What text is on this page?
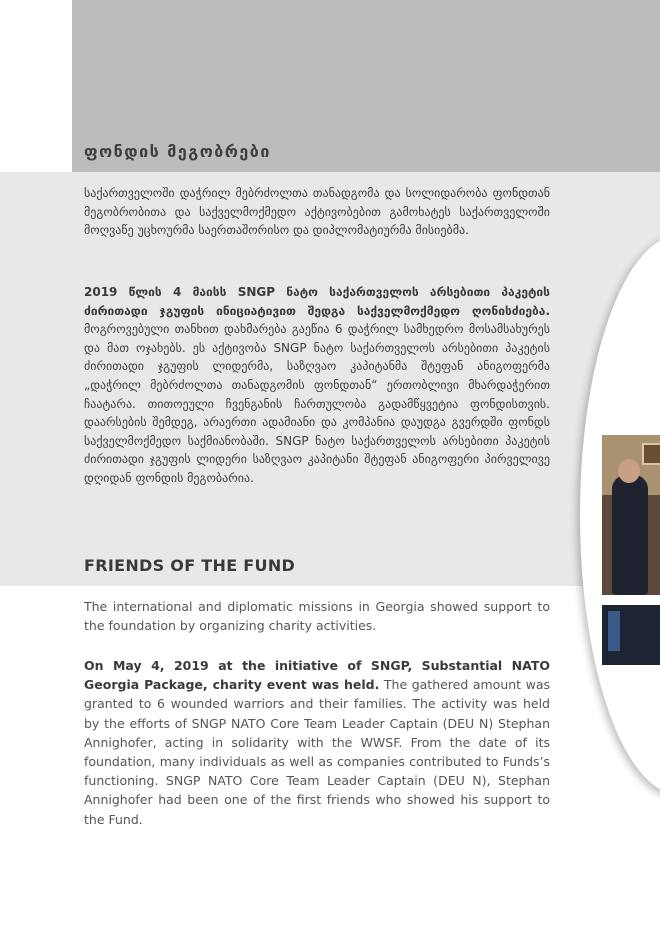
ფონდის მეგობრები

საქართველოში დაჭრილ მებრძოლთა თანადგომა და სოლიდარობა ფონდთან მეგობრობითა და საქველმოქმედო აქტივობებით გამოხატეს საქართველოში მოღვაწე უცხოურმა საერთაშორისო და დიპლომატიურმა მისიებმა.

2019 წლის 4 მაისს SNGP ნატო საქართველოს არსებითი პაკეტის ძირითადი ჯგუფის ინიციატივით შედგა საქველმოქმედო ღონისძიება. მოგროვებული თანხით დახმარება გაეწია 6 დაჭრილ სამხედრო მოსამსახურეს და მათ ოჯახებს. ეს აქტივობა SNGP ნატო საქართველოს არსებითი პაკეტის ძირითადი ჯგუფის ლიდერმა, საზღვაო კაპიტანმა შტეფან ანიგოფერმა „დაჭრილ მებრძოლთა თანადგომის ფონდთან“ ერთობლივი მხარდაჭერით ჩაატარა. თითოეული ჩვენგანის ჩართულობა გადამწყვეტია ფონდისთვის. დაარსების შემდეგ, არაერთი ადამიანი და კომპანია დაუდგა გვერდში ფონდს საქველმოქმედო საქმიანობაში. SNGP ნატო საქართველოს არსებითი პაკეტის ძირითადი ჯგუფის ლიდერი საზღვაო კაპიტანი შტეფან ანიგოფერი პირველივე დღიდან ფონდის მეგობარია.

FRIENDS OF THE FUND

The international and diplomatic missions in Georgia showed support to the foundation by organizing charity activities.

On May 4, 2019 at the initiative of SNGP, Substantial NATO Georgia Package, charity event was held. The gathered amount was granted to 6 wounded warriors and their families. The activity was held by the efforts of SNGP NATO Core Team Leader Captain (DEU N) Stephan Annighofer, acting in solidarity with the WWSF. From the date of its foundation, many individuals as well as companies contributed to Funds’s functioning. SNGP NATO Core Team Leader Captain (DEU N), Stephan Annighofer had been one of the first friends who showed his support to the Fund.
